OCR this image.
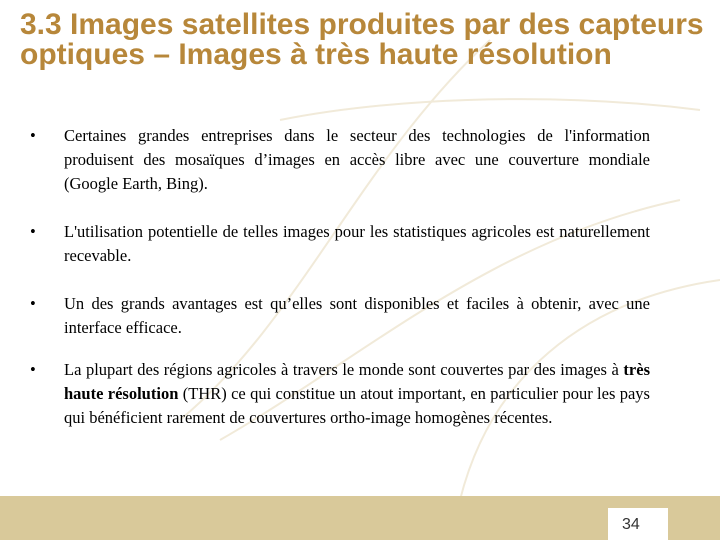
3.3 Images satellites produites par des capteurs optiques – Images à très haute résolution
•	Certaines grandes entreprises dans le secteur des technologies de l'information produisent des mosaïques d’images en accès libre avec une couverture mondiale (Google Earth, Bing).
•	L'utilisation potentielle de telles images pour les statistiques agricoles est naturellement recevable.
•	Un des grands avantages est qu’elles sont disponibles et faciles à obtenir, avec une interface efficace.
•	La plupart des régions agricoles à travers le monde sont couvertes par des images à très haute résolution (THR) ce qui constitue un atout important, en particulier pour les pays qui bénéficient rarement de couvertures ortho-image homogènes récentes.
34
